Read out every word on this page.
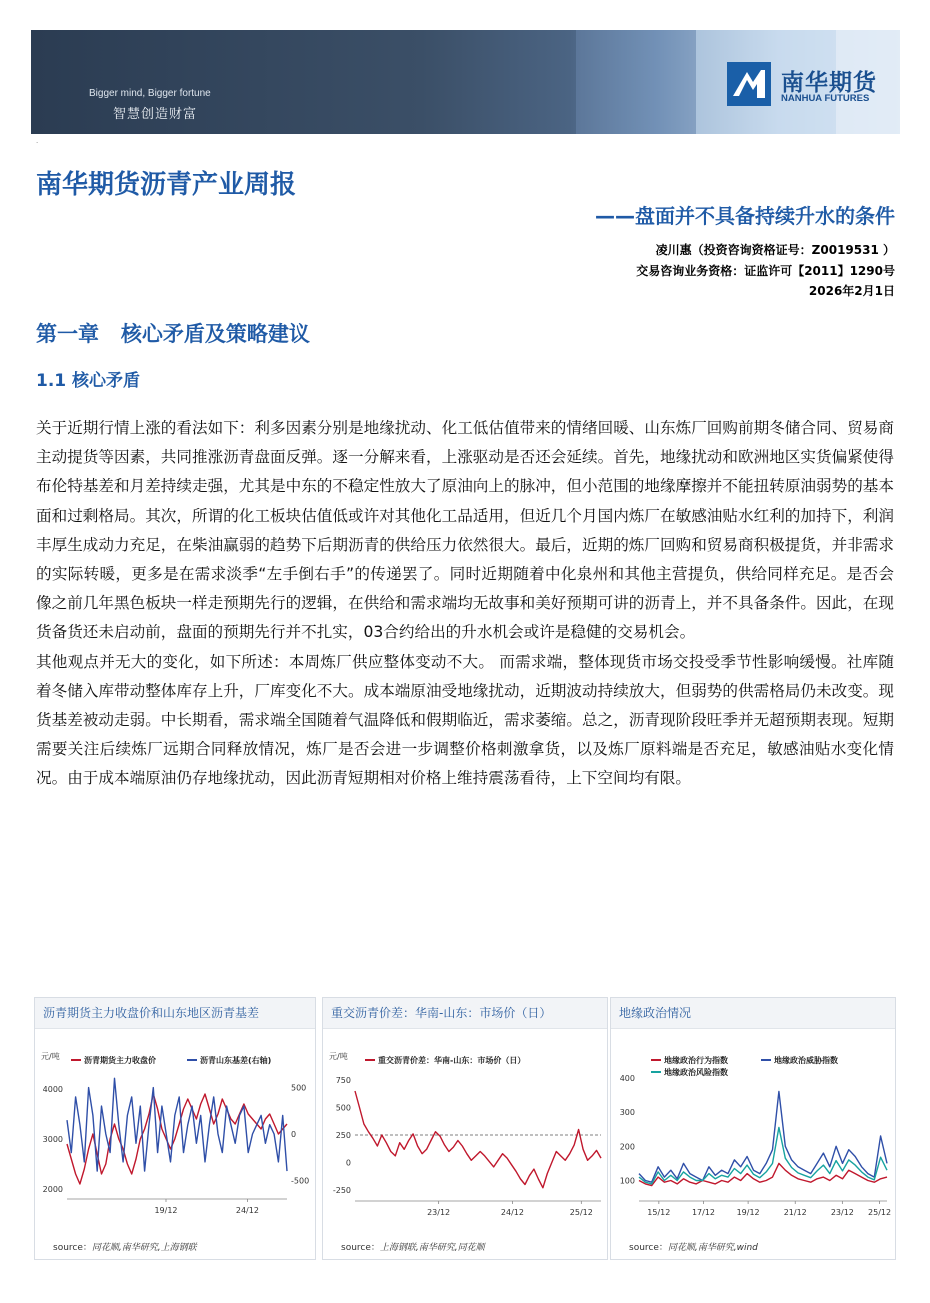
Bigger mind, Bigger fortune
智慧创造财富
南华期货
NANHUA FUTURES
·
南华期货沥青产业周报
——盘面并不具备持续升水的条件
凌川惠（投资咨询资格证号：Z0019531 ）
交易咨询业务资格：证监许可【2011】1290号
2026年2月1日
第一章   核心矛盾及策略建议
1.1 核心矛盾

关于近期行情上涨的看法如下：利多因素分别是地缘扰动、化工低估值带来的情绪回暖、山东炼厂回购前期冬储合同、贸易商主动提货等因素，共同推涨沥青盘面反弹。逐一分解来看，上涨驱动是否还会延续。首先，地缘扰动和欧洲地区实货偏紧使得布伦特基差和月差持续走强，尤其是中东的不稳定性放大了原油向上的脉冲，但小范围的地缘摩擦并不能扭转原油弱势的基本面和过剩格局。其次，所谓的化工板块估值低或许对其他化工品适用，但近几个月国内炼厂在敏感油贴水红利的加持下，利润丰厚生成动力充足，在柴油赢弱的趋势下后期沥青的供给压力依然很大。最后，近期的炼厂回购和贸易商积极提货，并非需求的实际转暖，更多是在需求淡季“左手倒右手”的传递罢了。同时近期随着中化泉州和其他主营提负，供给同样充足。是否会像之前几年黑色板块一样走预期先行的逻辑，在供给和需求端均无故事和美好预期可讲的沥青上，并不具备条件。因此，在现货备货还未启动前，盘面的预期先行并不扎实，03合约给出的升水机会或许是稳健的交易机会。

其他观点并无大的变化，如下所述：本周炼厂供应整体变动不大。 而需求端，整体现货市场交投受季节性影响缓慢。社库随着冬储入库带动整体库存上升，厂库变化不大。成本端原油受地缘扰动，近期波动持续放大，但弱势的供需格局仍未改变。现货基差被动走弱。中长期看，需求端全国随着气温降低和假期临近，需求萎缩。总之，沥青现阶段旺季并无超预期表现。短期需要关注后续炼厂远期合同释放情况，炼厂是否会进一步调整价格刺激拿货，以及炼厂原料端是否充足，敏感油贴水变化情况。由于成本端原油仍存地缘扰动，因此沥青短期相对价格上维持震荡看待，上下空间均有限。

沥青期货主力收盘价和山东地区沥青基差
元/吨
2000
3000
4000
-500
0
500
19/12	24/12
沥青期货主力收盘价	沥青山东基差(右轴)
source：同花顺,南华研究,上海钢联
重交沥青价差：华南-山东：市场价（日）
元/吨
-250
0
250
500
750
23/12	24/12	25/12
重交沥青价差：华南-山东：市场价（日）
source：上海钢联,南华研究,同花顺
地缘政治情况
100
200
300
400
15/12	17/12	19/12	21/12	23/12 25/12
地缘政治行为指数	地缘政治威胁指数
地缘政治风险指数
source：同花顺,南华研究,wind
